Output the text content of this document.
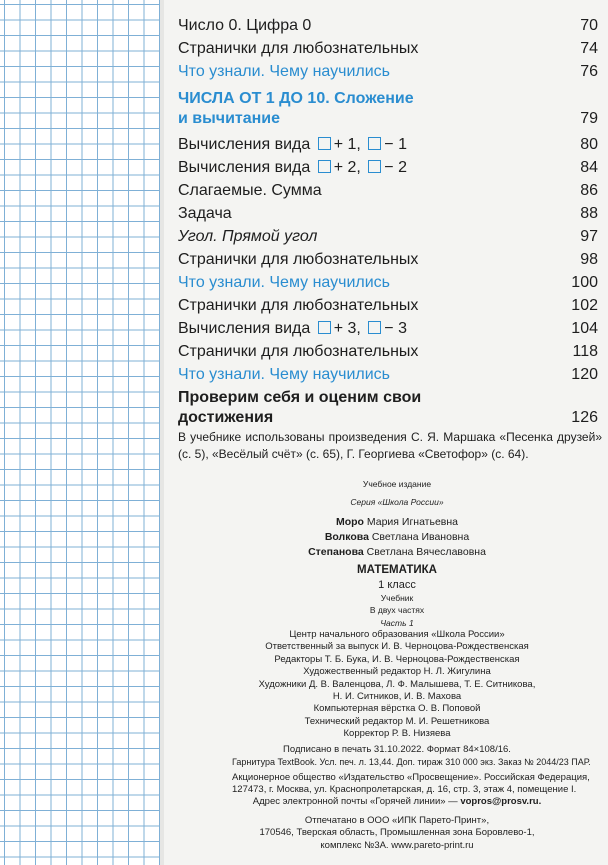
Число 0. Цифра 0	70
Странички для любознательных	74
Что узнали. Чему научились	76
ЧИСЛА ОТ 1 ДО 10. Сложение
и вычитание	79
Вычисления вида + 1, − 1	80
Вычисления вида + 2, − 2	84
Слагаемые. Сумма	86
Задача	88
Угол. Прямой угол	97
Странички для любознательных	98
Что узнали. Чему научились	100
Странички для любознательных	102
Вычисления вида + 3, − 3	104
Странички для любознательных	118
Что узнали. Чему научились	120
Проверим себя и оценим свои
достижения	126
В учебнике использованы произведения С. Я. Маршака «Песенка друзей» (с. 5), «Весёлый счёт» (с. 65), Г. Георгиева «Светофор» (с. 64).
Учебное издание
Серия «Школа России»
Моро Мария Игнатьевна
Волкова Светлана Ивановна
Степанова Светлана Вячеславовна
МАТЕМАТИКА
1 класс
Учебник
В двух частях
Часть 1
Центр начального образования «Школа России»
Ответственный за выпуск И. В. Черноцова-Рождественская
Редакторы Т. Б. Бука, И. В. Черноцова-Рождественская
Художественный редактор Н. Л. Жигулина
Художники Д. В. Валенцова, Л. Ф. Малышева, Т. Е. Ситникова,
Н. И. Ситников, И. В. Махова
Компьютерная вёрстка О. В. Поповой
Технический редактор М. И. Решетникова
Корректор Р. В. Низяева
Подписано в печать 31.10.2022. Формат 84×108/16.
Гарнитура TextBook. Усл. печ. л. 13,44. Доп. тираж 310 000 экз. Заказ № 2044/23 ПАР.
Акционерное общество «Издательство «Просвещение». Российская Федерация,
127473, г. Москва, ул. Краснопролетарская, д. 16, стр. 3, этаж 4, помещение I.
Адрес электронной почты «Горячей линии» — vopros@prosv.ru.
Отпечатано в ООО «ИПК Парето-Принт»,
170546, Тверская область, Промышленная зона Боровлево-1,
комплекс №3А. www.pareto-print.ru
